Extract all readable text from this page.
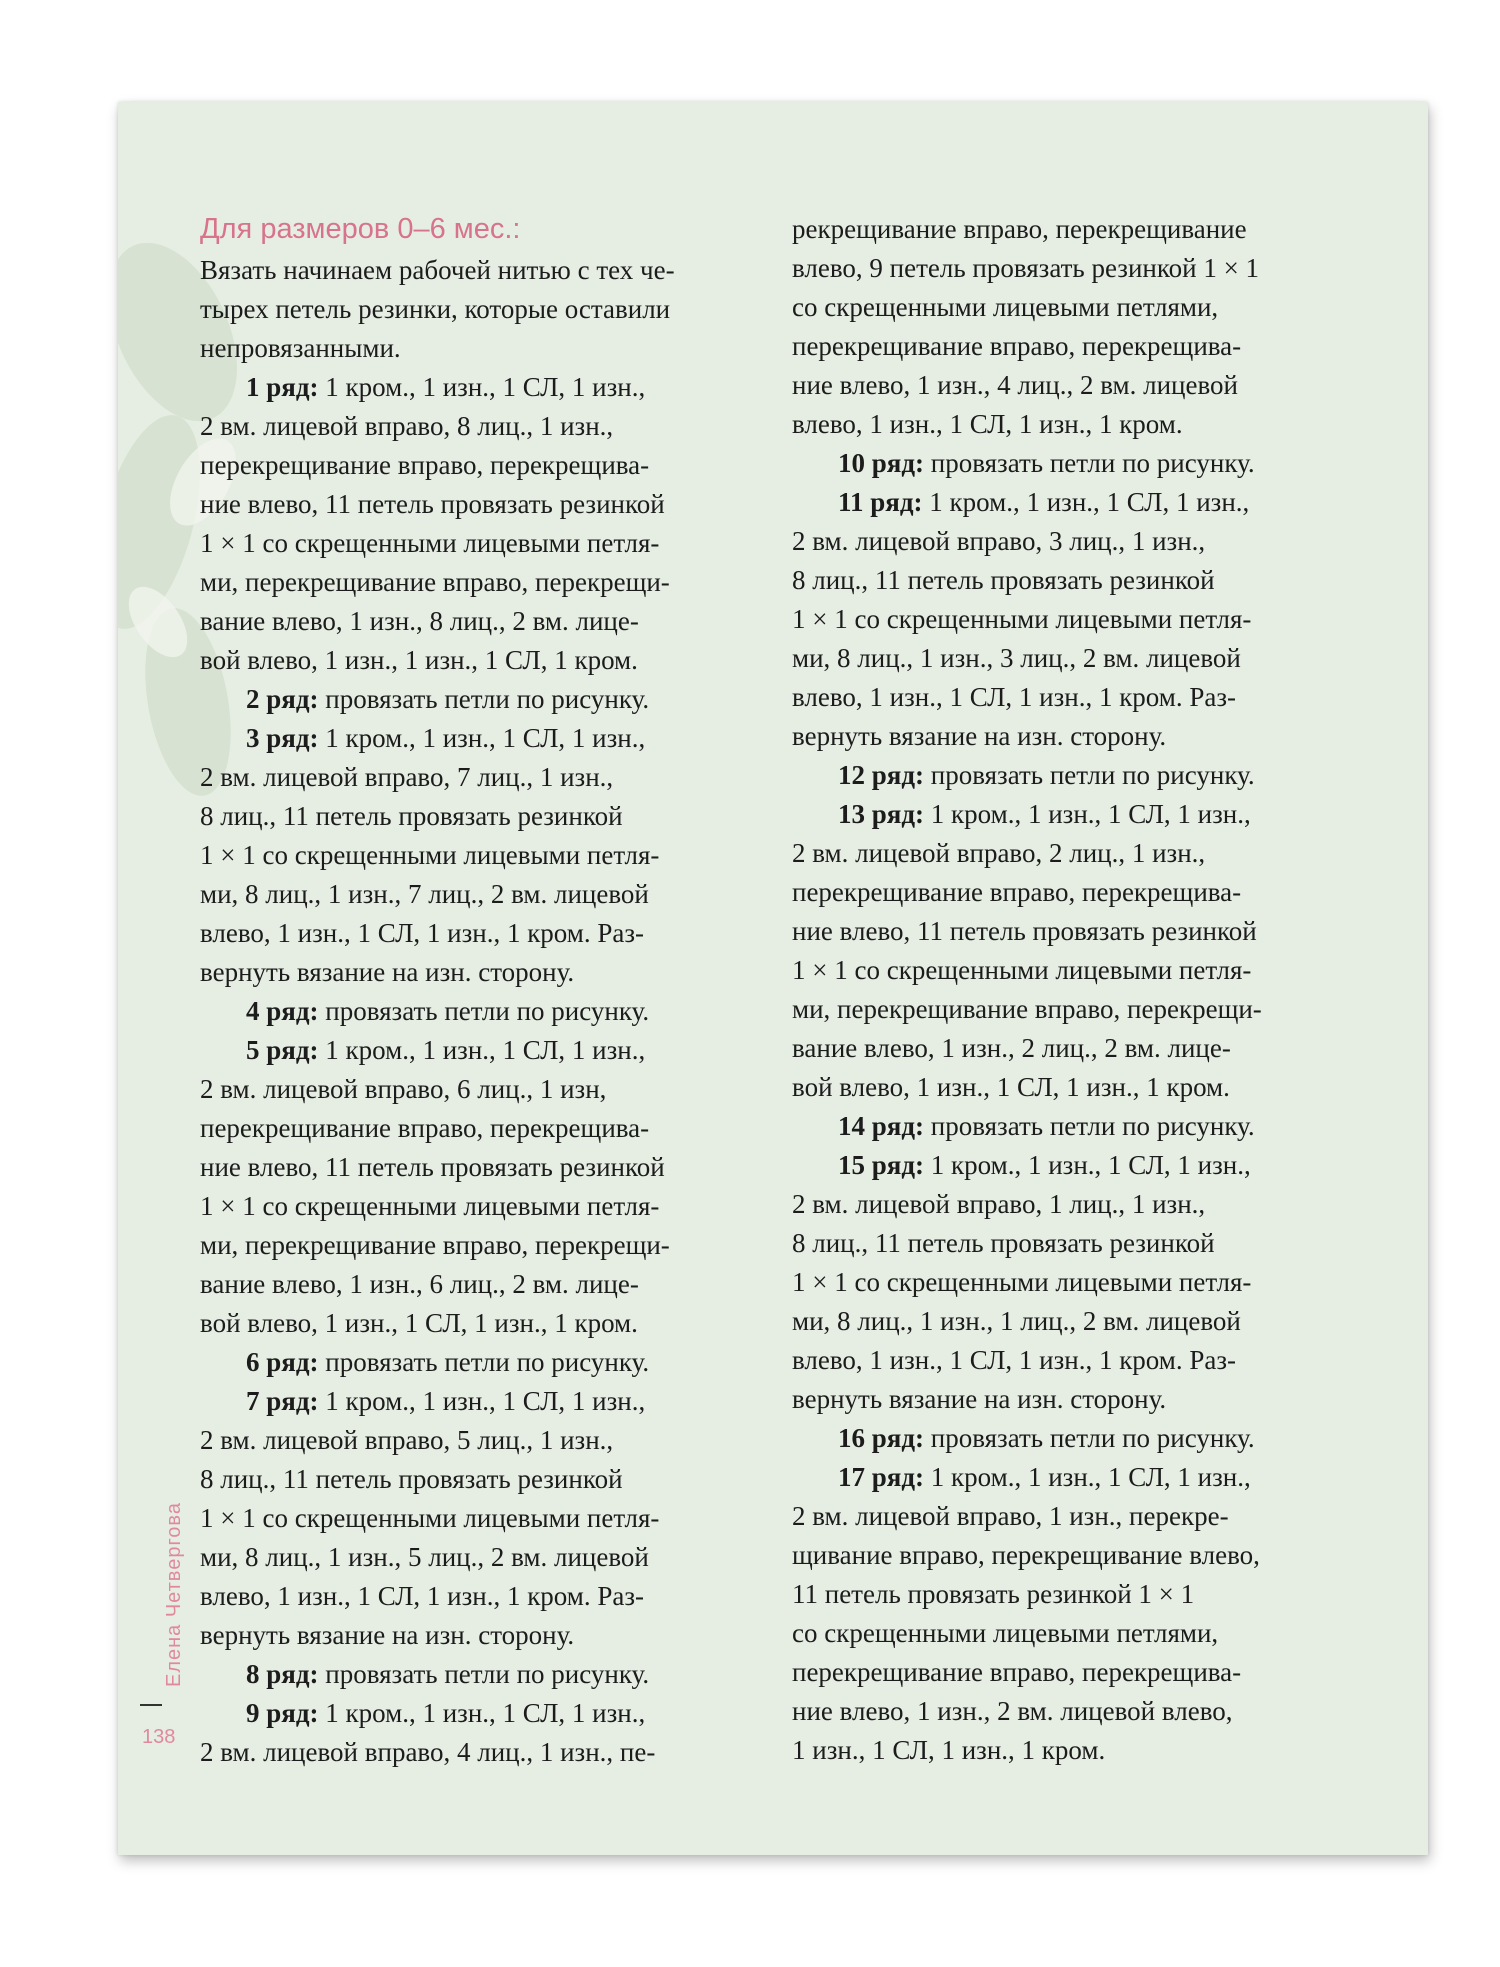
Для размеров 0–6 мес.:
Вязать начинаем рабочей нитью с тех че-
тырех петель резинки, которые оставили
непровязанными.
1 ряд: 1 кром., 1 изн., 1 СЛ, 1 изн.,
2 вм. лицевой вправо, 8 лиц., 1 изн.,
перекрещивание вправо, перекрещива-
ние влево, 11 петель провязать резинкой
1 × 1 со скрещенными лицевыми петля-
ми, перекрещивание вправо, перекрещи-
вание влево, 1 изн., 8 лиц., 2 вм. лице-
вой влево, 1 изн., 1 изн., 1 СЛ, 1 кром.
2 ряд: провязать петли по рисунку.
3 ряд: 1 кром., 1 изн., 1 СЛ, 1 изн.,
2 вм. лицевой вправо, 7 лиц., 1 изн.,
8 лиц., 11 петель провязать резинкой
1 × 1 со скрещенными лицевыми петля-
ми, 8 лиц., 1 изн., 7 лиц., 2 вм. лицевой
влево, 1 изн., 1 СЛ, 1 изн., 1 кром. Раз-
вернуть вязание на изн. сторону.
4 ряд: провязать петли по рисунку.
5 ряд: 1 кром., 1 изн., 1 СЛ, 1 изн.,
2 вм. лицевой вправо, 6 лиц., 1 изн,
перекрещивание вправо, перекрещива-
ние влево, 11 петель провязать резинкой
1 × 1 со скрещенными лицевыми петля-
ми, перекрещивание вправо, перекрещи-
вание влево, 1 изн., 6 лиц., 2 вм. лице-
вой влево, 1 изн., 1 СЛ, 1 изн., 1 кром.
6 ряд: провязать петли по рисунку.
7 ряд: 1 кром., 1 изн., 1 СЛ, 1 изн.,
2 вм. лицевой вправо, 5 лиц., 1 изн.,
8 лиц., 11 петель провязать резинкой
1 × 1 со скрещенными лицевыми петля-
ми, 8 лиц., 1 изн., 5 лиц., 2 вм. лицевой
влево, 1 изн., 1 СЛ, 1 изн., 1 кром. Раз-
вернуть вязание на изн. сторону.
8 ряд: провязать петли по рисунку.
9 ряд: 1 кром., 1 изн., 1 СЛ, 1 изн.,
2 вм. лицевой вправо, 4 лиц., 1 изн., пе-
рекрещивание вправо, перекрещивание
влево, 9 петель провязать резинкой 1 × 1
со скрещенными лицевыми петлями,
перекрещивание вправо, перекрещива-
ние влево, 1 изн., 4 лиц., 2 вм. лицевой
влево, 1 изн., 1 СЛ, 1 изн., 1 кром.
10 ряд: провязать петли по рисунку.
11 ряд: 1 кром., 1 изн., 1 СЛ, 1 изн.,
2 вм. лицевой вправо, 3 лиц., 1 изн.,
8 лиц., 11 петель провязать резинкой
1 × 1 со скрещенными лицевыми петля-
ми, 8 лиц., 1 изн., 3 лиц., 2 вм. лицевой
влево, 1 изн., 1 СЛ, 1 изн., 1 кром. Раз-
вернуть вязание на изн. сторону.
12 ряд: провязать петли по рисунку.
13 ряд: 1 кром., 1 изн., 1 СЛ, 1 изн.,
2 вм. лицевой вправо, 2 лиц., 1 изн.,
перекрещивание вправо, перекрещива-
ние влево, 11 петель провязать резинкой
1 × 1 со скрещенными лицевыми петля-
ми, перекрещивание вправо, перекрещи-
вание влево, 1 изн., 2 лиц., 2 вм. лице-
вой влево, 1 изн., 1 СЛ, 1 изн., 1 кром.
14 ряд: провязать петли по рисунку.
15 ряд: 1 кром., 1 изн., 1 СЛ, 1 изн.,
2 вм. лицевой вправо, 1 лиц., 1 изн.,
8 лиц., 11 петель провязать резинкой
1 × 1 со скрещенными лицевыми петля-
ми, 8 лиц., 1 изн., 1 лиц., 2 вм. лицевой
влево, 1 изн., 1 СЛ, 1 изн., 1 кром. Раз-
вернуть вязание на изн. сторону.
16 ряд: провязать петли по рисунку.
17 ряд: 1 кром., 1 изн., 1 СЛ, 1 изн.,
2 вм. лицевой вправо, 1 изн., перекре-
щивание вправо, перекрещивание влево,
11 петель провязать резинкой 1 × 1
со скрещенными лицевыми петлями,
перекрещивание вправо, перекрещива-
ние влево, 1 изн., 2 вм. лицевой влево,
1 изн., 1 СЛ, 1 изн., 1 кром.
Елена Четвергова
138
